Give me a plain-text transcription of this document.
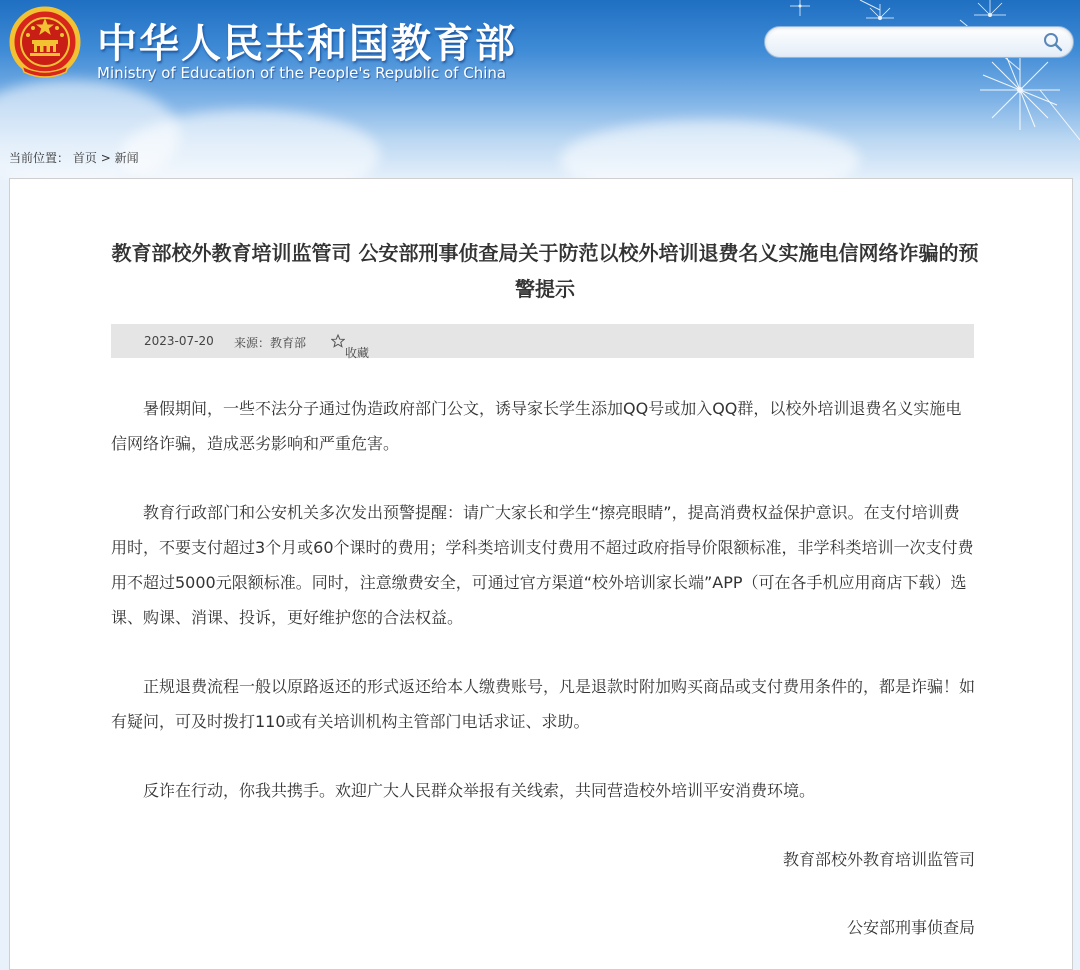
中华人民共和国教育部
Ministry of Education of the People's Republic of China
当前位置： 首页 > 新闻
教育部校外教育培训监管司 公安部刑事侦查局关于防范以校外培训退费名义实施电信网络诈骗的预警提示
2023-07-20 来源：教育部
收藏

暑假期间，一些不法分子通过伪造政府部门公文，诱导家长学生添加QQ号或加入QQ群，以校外培训退费名义实施电信网络诈骗，造成恶劣影响和严重危害。

教育行政部门和公安机关多次发出预警提醒：请广大家长和学生“擦亮眼睛”，提高消费权益保护意识。在支付培训费用时，不要支付超过3个月或60个课时的费用；学科类培训支付费用不超过政府指导价限额标准，非学科类培训一次支付费用不超过5000元限额标准。同时，注意缴费安全，可通过官方渠道“校外培训家长端”APP（可在各手机应用商店下载）选课、购课、消课、投诉，更好维护您的合法权益。

正规退费流程一般以原路返还的形式返还给本人缴费账号，凡是退款时附加购买商品或支付费用条件的，都是诈骗！如有疑问，可及时拨打110或有关培训机构主管部门电话求证、求助。

反诈在行动，你我共携手。欢迎广大人民群众举报有关线索，共同营造校外培训平安消费环境。

教育部校外教育培训监管司
公安部刑事侦查局
